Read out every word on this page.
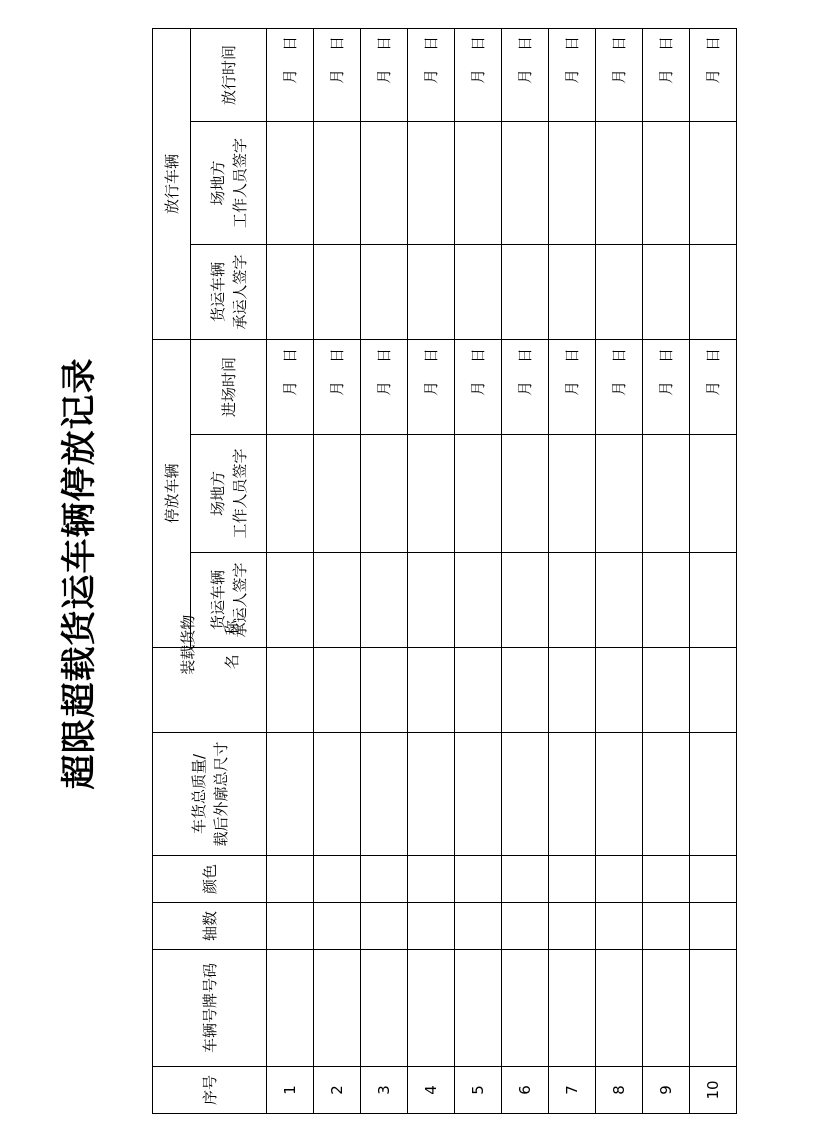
超限超载货运车辆停放记录
序号	车辆号牌号码	轴数	颜色	车货总质量/ 载后外廓总尺寸	装载货物 名    称	停放车辆			放行车辆		
						货运车辆 承运人签字	场地方 工作人员签字	进场时间	货运车辆 承运人签字	场地方 工作人员签字	放行时间
1								月日			月日
2								月日			月日
3								月日			月日
4								月日			月日
5								月日			月日
6								月日			月日
7								月日			月日
8								月日			月日
9								月日			月日
10								月日			月日
